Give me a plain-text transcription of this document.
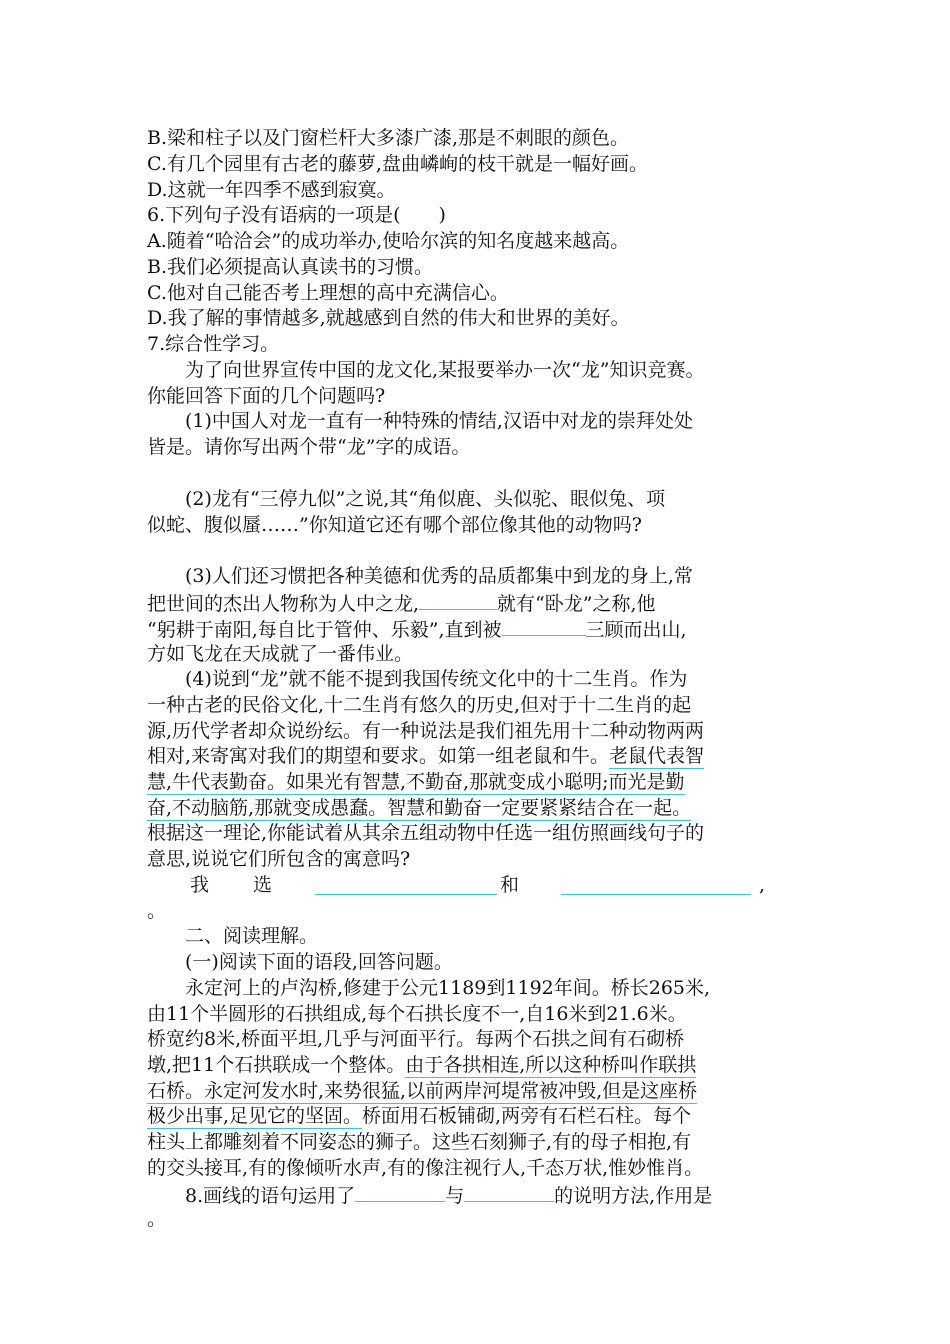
B.梁和柱子以及门窗栏杆大多漆广漆,那是不刺眼的颜色。
C.有几个园里有古老的藤萝,盘曲嶙峋的枝干就是一幅好画。
D.这就一年四季不感到寂寞。
6.下列句子没有语病的一项是(　　)
A.随着“哈洽会”的成功举办,使哈尔滨的知名度越来越高。
B.我们必须提高认真读书的习惯。
C.他对自己能否考上理想的高中充满信心。
D.我了解的事情越多,就越感到自然的伟大和世界的美好。
7.综合性学习。
为了向世界宣传中国的龙文化,某报要举办一次“龙”知识竞赛。
你能回答下面的几个问题吗?
(1)中国人对龙一直有一种特殊的情结,汉语中对龙的崇拜处处
皆是。请你写出两个带“龙”字的成语。
(2)龙有“三停九似”之说,其“角似鹿、头似驼、眼似兔、项
似蛇、腹似蜃……”你知道它还有哪个部位像其他的动物吗?
(3)人们还习惯把各种美德和优秀的品质都集中到龙的身上,常
把世间的杰出人物称为人中之龙,	就有“卧龙”之称,他
“躬耕于南阳,每自比于管仲、乐毅”,直到被	三顾而出山,
方如飞龙在天成就了一番伟业。
(4)说到“龙”就不能不提到我国传统文化中的十二生肖。作为
一种古老的民俗文化,十二生肖有悠久的历史,但对于十二生肖的起
源,历代学者却众说纷纭。有一种说法是我们祖先用十二种动物两两
相对,来寄寓对我们的期望和要求。如第一组老鼠和牛。老鼠代表智
慧,牛代表勤奋。如果光有智慧,不勤奋,那就变成小聪明;而光是勤
奋,不动脑筋,那就变成愚蠢。智慧和勤奋一定要紧紧结合在一起。
根据这一理论,你能试着从其余五组动物中任选一组仿照画线句子的
意思,说说它们所包含的寓意吗?
我 选	和	,
。
二、阅读理解。
(一)阅读下面的语段,回答问题。
永定河上的卢沟桥,修建于公元1189到1192年间。桥长265米,
由11个半圆形的石拱组成,每个石拱长度不一,自16米到21.6米。
桥宽约8米,桥面平坦,几乎与河面平行。每两个石拱之间有石砌桥
墩,把11个石拱联成一个整体。由于各拱相连,所以这种桥叫作联拱
石桥。永定河发水时,来势很猛,以前两岸河堤常被冲毁,但是这座桥
极少出事,足见它的坚固。桥面用石板铺砌,两旁有石栏石柱。每个
柱头上都雕刻着不同姿态的狮子。这些石刻狮子,有的母子相抱,有
的交头接耳,有的像倾听水声,有的像注视行人,千态万状,惟妙惟肖。
8.画线的语句运用了	与	的说明方法,作用是
。
